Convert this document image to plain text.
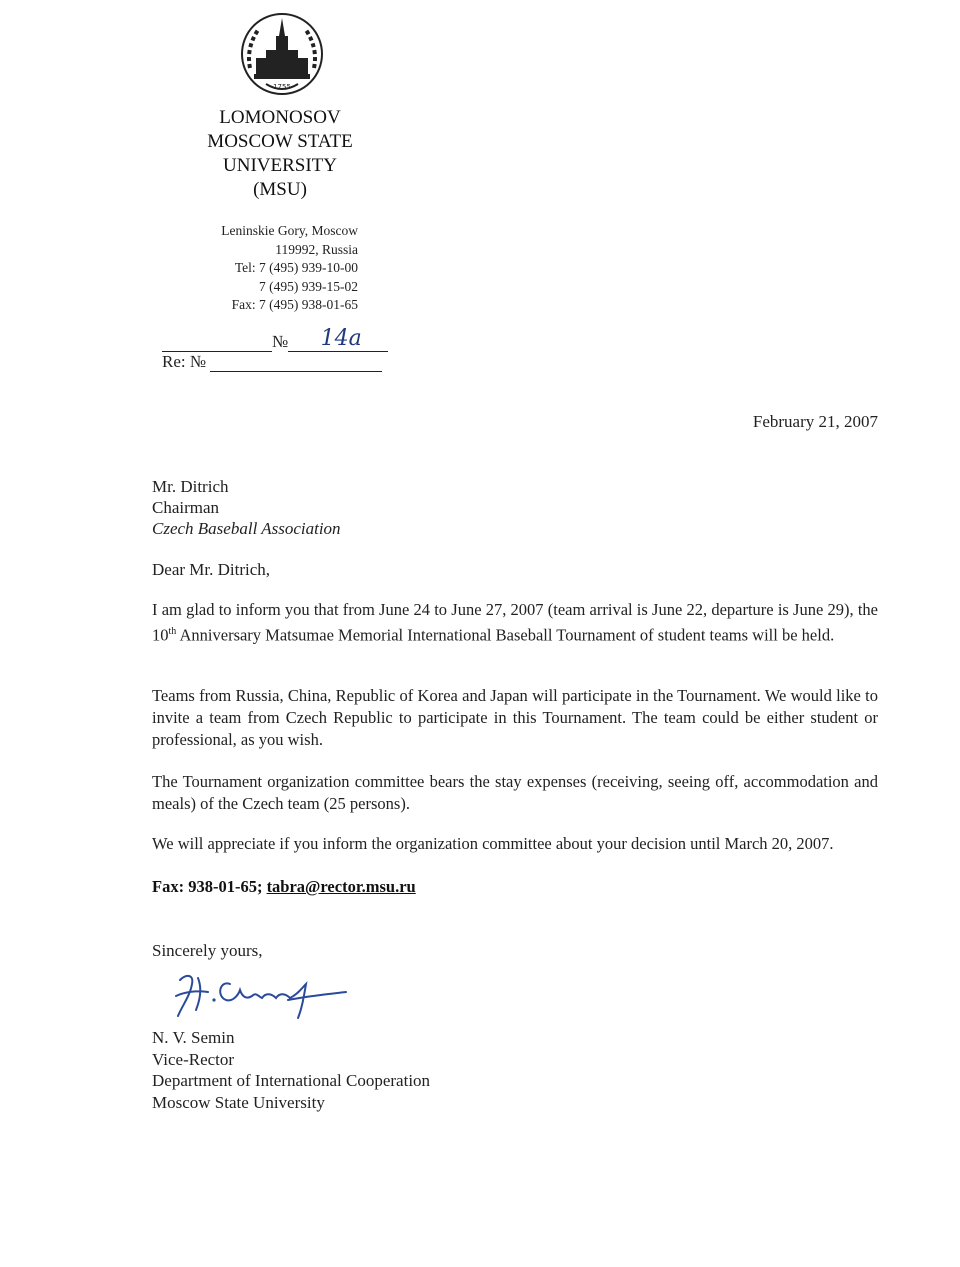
1755
LOMONOSOV
MOSCOW STATE
UNIVERSITY
(MSU)
Leninskie Gory, Moscow
119992, Russia
Tel: 7 (495) 939-10-00
7 (495) 939-15-02
Fax: 7 (495) 938-01-65
№ 14a
Re: №
February 21, 2007
Mr. Ditrich
Chairman
Czech Baseball Association
Dear Mr. Ditrich,
I am glad to inform you that from June 24 to June 27, 2007 (team arrival is June 22, departure is June 29), the 10th Anniversary Matsumae Memorial International Baseball Tournament of student teams will be held.
Teams from Russia, China, Republic of Korea and Japan will participate in the Tournament. We would like to invite a team from Czech Republic to participate in this Tournament. The team could be either student or professional, as you wish.
The Tournament organization committee bears the stay expenses (receiving, seeing off, accommodation and meals) of the Czech team (25 persons).
We will appreciate if you inform the organization committee about your decision until March 20, 2007.
Fax: 938-01-65; tabra@rector.msu.ru
Sincerely yours,
N. V. Semin
Vice-Rector
Department of International Cooperation
Moscow State University
